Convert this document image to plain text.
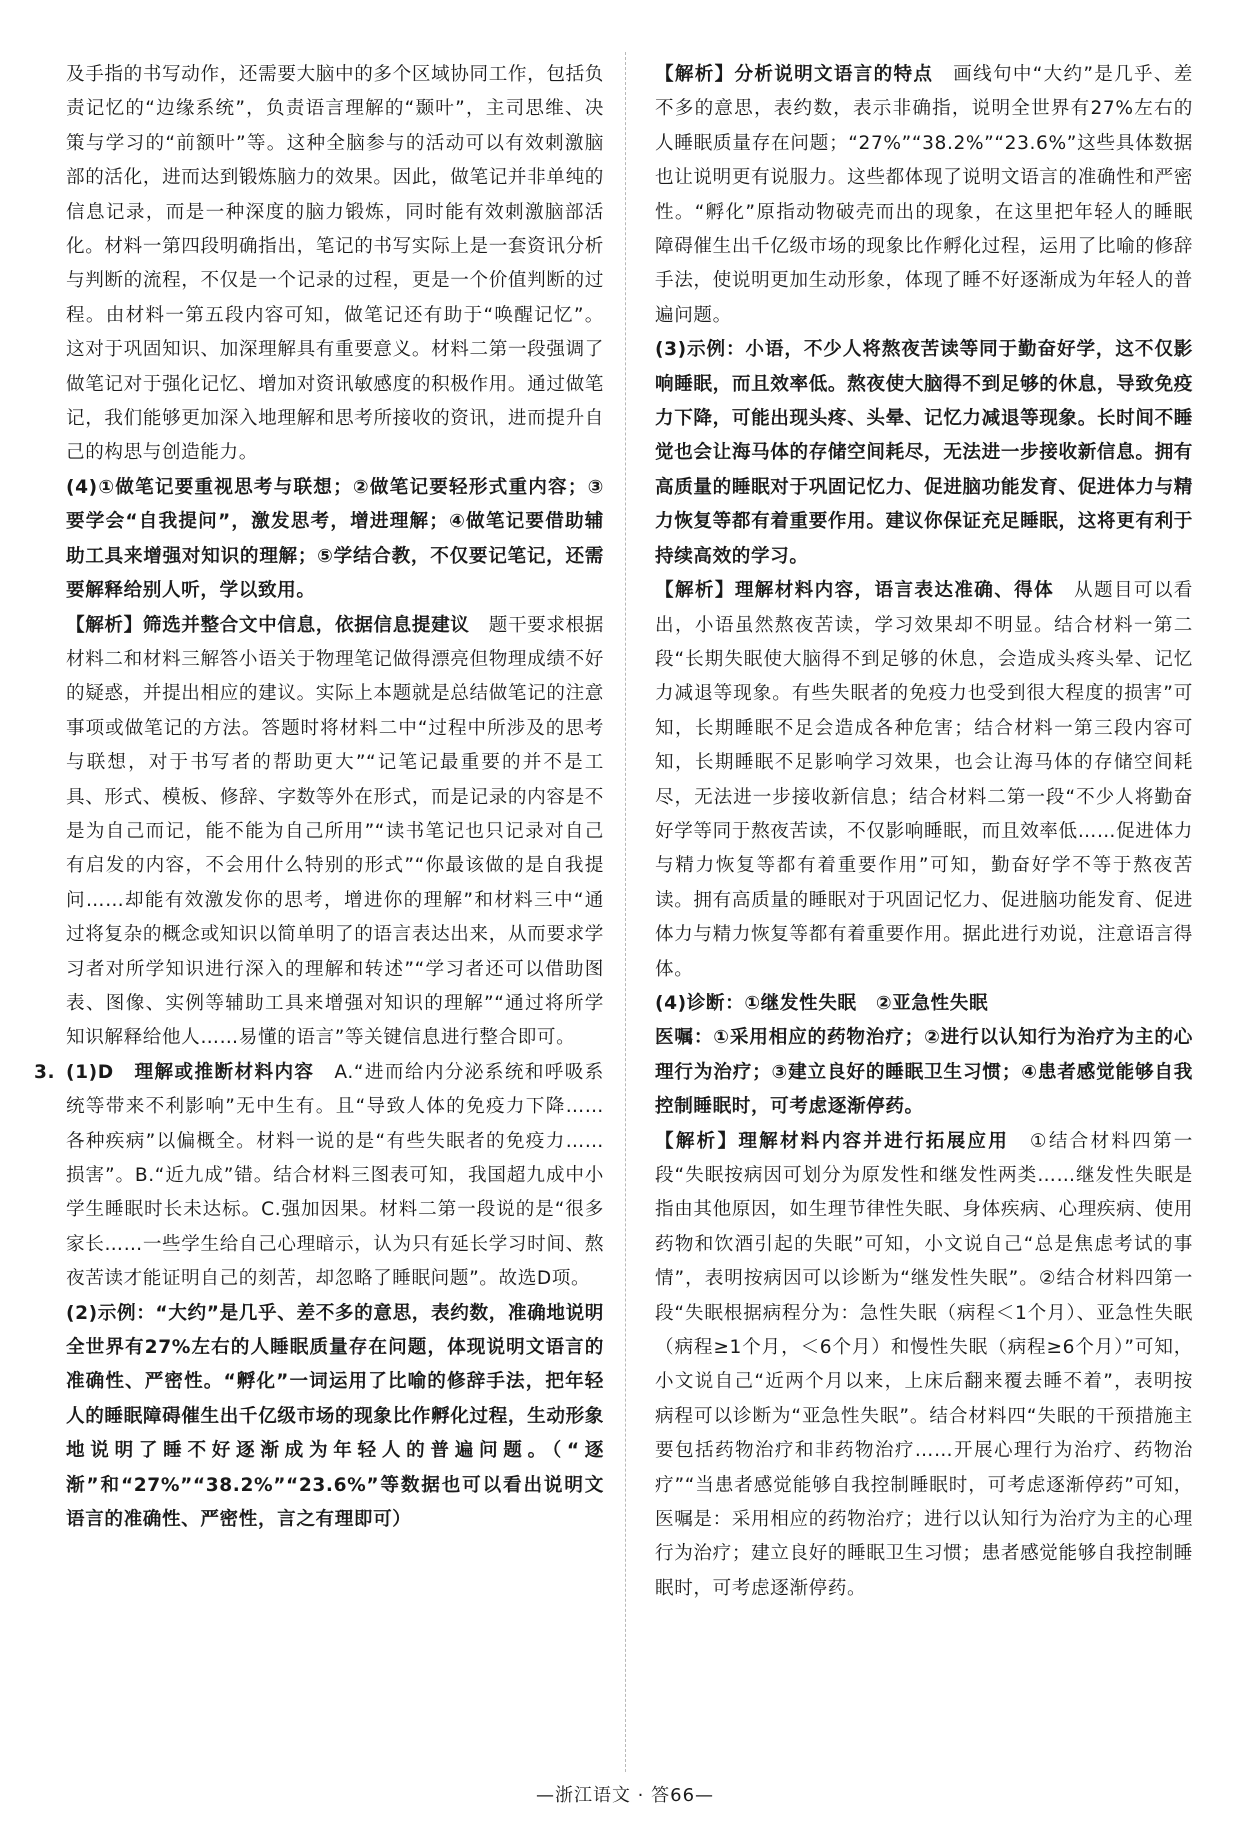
及手指的书写动作，还需要大脑中的多个区域协同工作，包括负责记忆的“边缘系统”，负责语言理解的“颞叶”，主司思维、决策与学习的“前额叶”等。这种全脑参与的活动可以有效刺激脑部的活化，进而达到锻炼脑力的效果。因此，做笔记并非单纯的信息记录，而是一种深度的脑力锻炼，同时能有效刺激脑部活化。材料一第四段明确指出，笔记的书写实际上是一套资讯分析与判断的流程，不仅是一个记录的过程，更是一个价值判断的过程。由材料一第五段内容可知，做笔记还有助于“唤醒记忆”。这对于巩固知识、加深理解具有重要意义。材料二第一段强调了做笔记对于强化记忆、增加对资讯敏感度的积极作用。通过做笔记，我们能够更加深入地理解和思考所接收的资讯，进而提升自己的构思与创造能力。

(4)①做笔记要重视思考与联想；②做笔记要轻形式重内容；③要学会“自我提问”，激发思考，增进理解；④做笔记要借助辅助工具来增强对知识的理解；⑤学结合教，不仅要记笔记，还需要解释给别人听，学以致用。

【解析】筛选并整合文中信息，依据信息提建议　题干要求根据材料二和材料三解答小语关于物理笔记做得漂亮但物理成绩不好的疑惑，并提出相应的建议。实际上本题就是总结做笔记的注意事项或做笔记的方法。答题时将材料二中“过程中所涉及的思考与联想，对于书写者的帮助更大”“记笔记最重要的并不是工具、形式、模板、修辞、字数等外在形式，而是记录的内容是不是为自己而记，能不能为自己所用”“读书笔记也只记录对自己有启发的内容，不会用什么特别的形式”“你最该做的是自我提问……却能有效激发你的思考，增进你的理解”和材料三中“通过将复杂的概念或知识以简单明了的语言表达出来，从而要求学习者对所学知识进行深入的理解和转述”“学习者还可以借助图表、图像、实例等辅助工具来增强对知识的理解”“通过将所学知识解释给他人……易懂的语言”等关键信息进行整合即可。

3. (1)D　理解或推断材料内容　A.“进而给内分泌系统和呼吸系统等带来不利影响”无中生有。且“导致人体的免疫力下降……各种疾病”以偏概全。材料一说的是“有些失眠者的免疫力……损害”。B.“近九成”错。结合材料三图表可知，我国超九成中小学生睡眠时长未达标。C.强加因果。材料二第一段说的是“很多家长……一些学生给自己心理暗示，认为只有延长学习时间、熬夜苦读才能证明自己的刻苦，却忽略了睡眠问题”。故选D项。

(2)示例：“大约”是几乎、差不多的意思，表约数，准确地说明全世界有27%左右的人睡眠质量存在问题，体现说明文语言的准确性、严密性。“孵化”一词运用了比喻的修辞手法，把年轻人的睡眠障碍催生出千亿级市场的现象比作孵化过程，生动形象地说明了睡不好逐渐成为年轻人的普遍问题。（“逐渐”和“27%”“38.2%”“23.6%”等数据也可以看出说明文语言的准确性、严密性，言之有理即可）

【解析】分析说明文语言的特点　画线句中“大约”是几乎、差不多的意思，表约数，表示非确指，说明全世界有27%左右的人睡眠质量存在问题；“27%”“38.2%”“23.6%”这些具体数据也让说明更有说服力。这些都体现了说明文语言的准确性和严密性。“孵化”原指动物破壳而出的现象，在这里把年轻人的睡眠障碍催生出千亿级市场的现象比作孵化过程，运用了比喻的修辞手法，使说明更加生动形象，体现了睡不好逐渐成为年轻人的普遍问题。

(3)示例：小语，不少人将熬夜苦读等同于勤奋好学，这不仅影响睡眠，而且效率低。熬夜使大脑得不到足够的休息，导致免疫力下降，可能出现头疼、头晕、记忆力减退等现象。长时间不睡觉也会让海马体的存储空间耗尽，无法进一步接收新信息。拥有高质量的睡眠对于巩固记忆力、促进脑功能发育、促进体力与精力恢复等都有着重要作用。建议你保证充足睡眠，这将更有利于持续高效的学习。

【解析】理解材料内容，语言表达准确、得体　从题目可以看出，小语虽然熬夜苦读，学习效果却不明显。结合材料一第二段“长期失眠使大脑得不到足够的休息，会造成头疼头晕、记忆力减退等现象。有些失眠者的免疫力也受到很大程度的损害”可知，长期睡眠不足会造成各种危害；结合材料一第三段内容可知，长期睡眠不足影响学习效果，也会让海马体的存储空间耗尽，无法进一步接收新信息；结合材料二第一段“不少人将勤奋好学等同于熬夜苦读，不仅影响睡眠，而且效率低……促进体力与精力恢复等都有着重要作用”可知，勤奋好学不等于熬夜苦读。拥有高质量的睡眠对于巩固记忆力、促进脑功能发育、促进体力与精力恢复等都有着重要作用。据此进行劝说，注意语言得体。

(4)诊断：①继发性失眠　②亚急性失眠

医嘱：①采用相应的药物治疗；②进行以认知行为治疗为主的心理行为治疗；③建立良好的睡眠卫生习惯；④患者感觉能够自我控制睡眠时，可考虑逐渐停药。

【解析】理解材料内容并进行拓展应用　①结合材料四第一段“失眠按病因可划分为原发性和继发性两类……继发性失眠是指由其他原因，如生理节律性失眠、身体疾病、心理疾病、使用药物和饮酒引起的失眠”可知，小文说自己“总是焦虑考试的事情”，表明按病因可以诊断为“继发性失眠”。②结合材料四第一段“失眠根据病程分为：急性失眠（病程＜1个月）、亚急性失眠（病程≥1个月，＜6个月）和慢性失眠（病程≥6个月）”可知，小文说自己“近两个月以来，上床后翻来覆去睡不着”，表明按病程可以诊断为“亚急性失眠”。结合材料四“失眠的干预措施主要包括药物治疗和非药物治疗……开展心理行为治疗、药物治疗”“当患者感觉能够自我控制睡眠时，可考虑逐渐停药”可知，医嘱是：采用相应的药物治疗；进行以认知行为治疗为主的心理行为治疗；建立良好的睡眠卫生习惯；患者感觉能够自我控制睡眠时，可考虑逐渐停药。

—浙江语文 · 答66—
